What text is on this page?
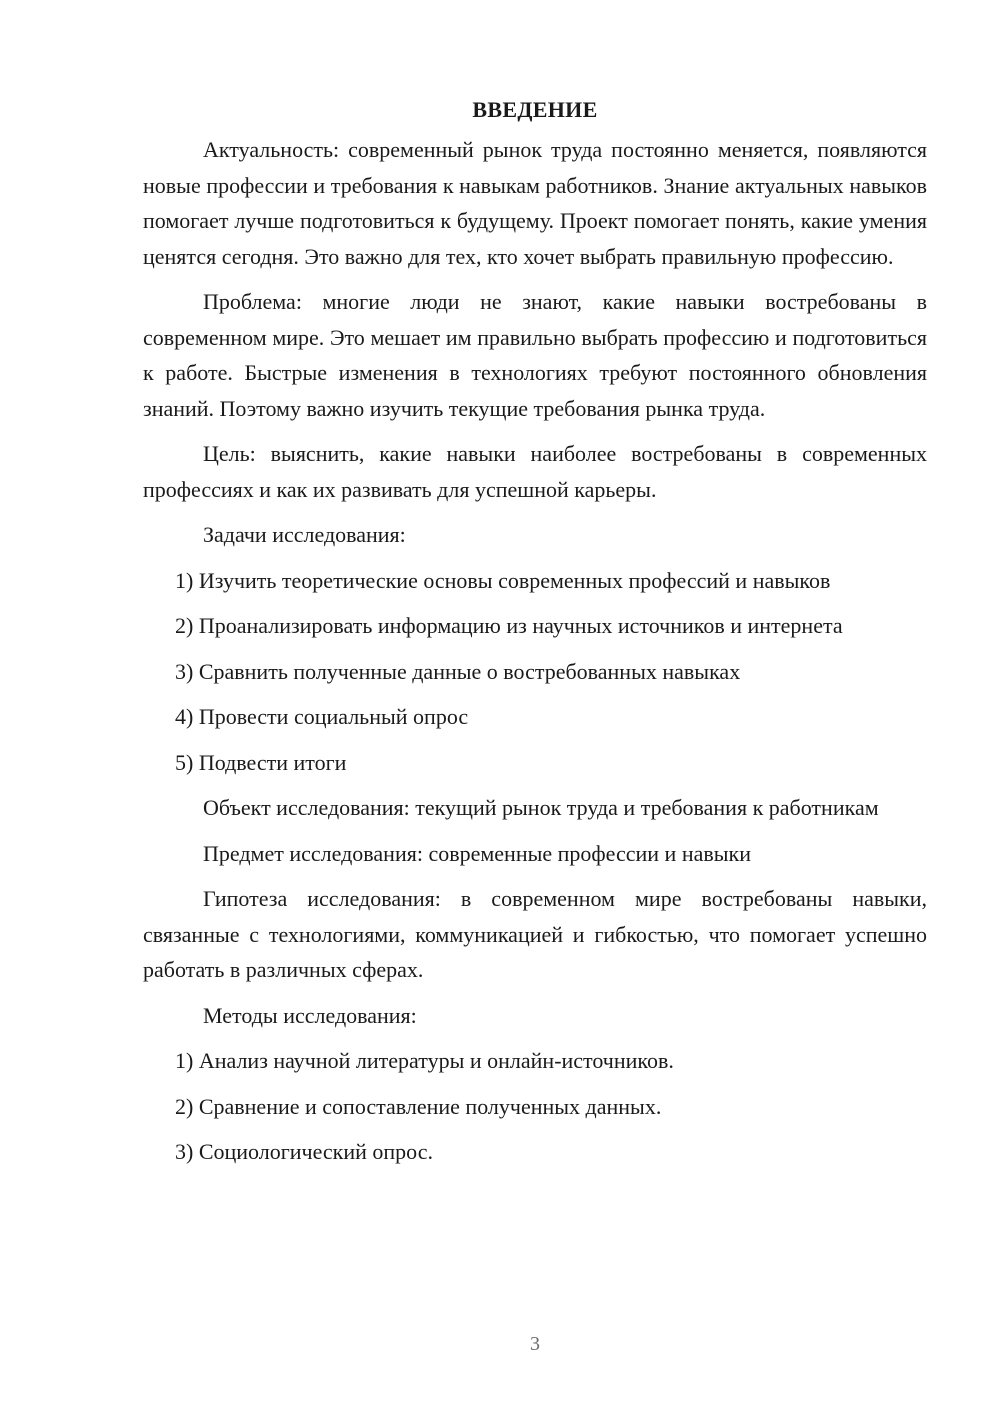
ВВЕДЕНИЕ

Актуальность: современный рынок труда постоянно меняется, появляются новые профессии и требования к навыкам работников. Знание актуальных навыков помогает лучше подготовиться к будущему. Проект помогает понять, какие умения ценятся сегодня. Это важно для тех, кто хочет выбрать правильную профессию.

Проблема: многие люди не знают, какие навыки востребованы в современном мире. Это мешает им правильно выбрать профессию и подготовиться к работе. Быстрые изменения в технологиях требуют постоянного обновления знаний. Поэтому важно изучить текущие требования рынка труда.

Цель: выяснить, какие навыки наиболее востребованы в современных профессиях и как их развивать для успешной карьеры.

Задачи исследования:

1) Изучить теоретические основы современных профессий и навыков

2) Проанализировать информацию из научных источников и интернета

3) Сравнить полученные данные о востребованных навыках

4) Провести социальный опрос

5) Подвести итоги

Объект исследования: текущий рынок труда и требования к работникам

Предмет исследования: современные профессии и навыки

Гипотеза исследования: в современном мире востребованы навыки, связанные с технологиями, коммуникацией и гибкостью, что помогает успешно работать в различных сферах.

Методы исследования:

1) Анализ научной литературы и онлайн-источников.

2) Сравнение и сопоставление полученных данных.

3) Социологический опрос.

3
